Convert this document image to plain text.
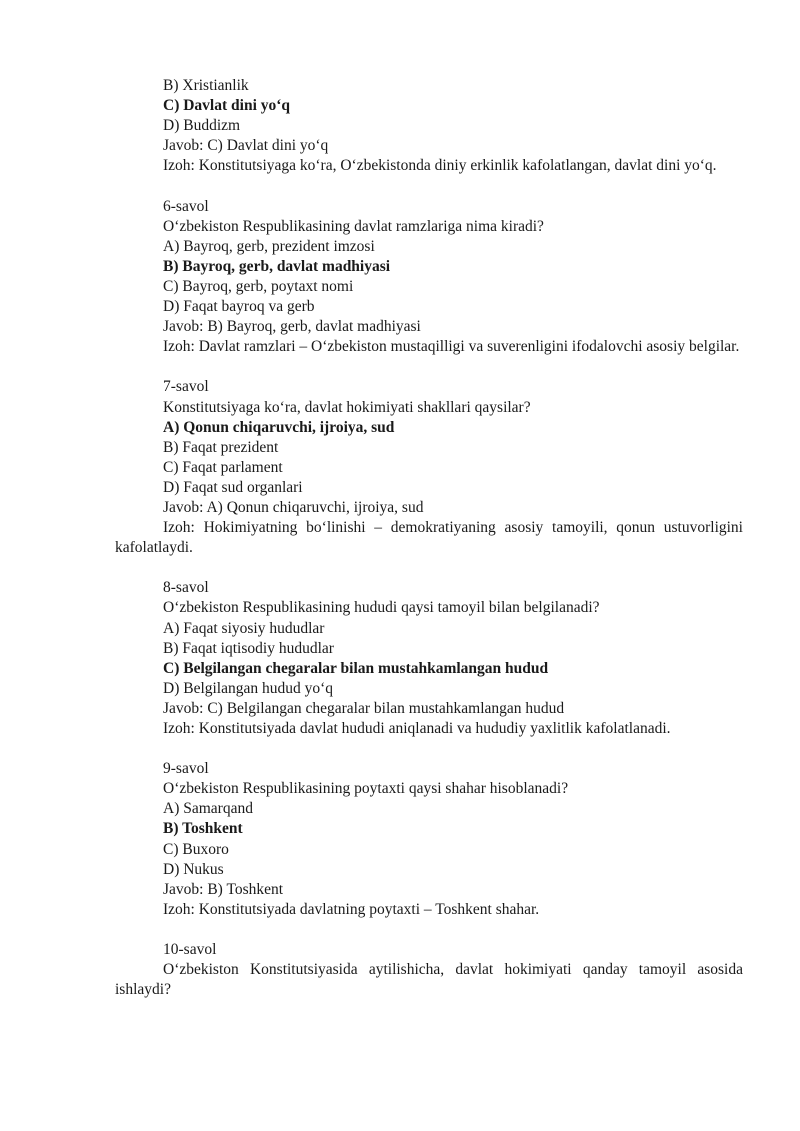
B) Xristianlik
C) Davlat dini yo‘q
D) Buddizm
Javob: C) Davlat dini yo‘q
Izoh: Konstitutsiyaga ko‘ra, O‘zbekistonda diniy erkinlik kafolatlangan, davlat dini yo‘q.
6-savol
O‘zbekiston Respublikasining davlat ramzlariga nima kiradi?
A) Bayroq, gerb, prezident imzosi
B) Bayroq, gerb, davlat madhiyasi
C) Bayroq, gerb, poytaxt nomi
D) Faqat bayroq va gerb
Javob: B) Bayroq, gerb, davlat madhiyasi
Izoh: Davlat ramzlari – O‘zbekiston mustaqilligi va suverenligini ifodalovchi asosiy belgilar.
7-savol
Konstitutsiyaga ko‘ra, davlat hokimiyati shakllari qaysilar?
A) Qonun chiqaruvchi, ijroiya, sud
B) Faqat prezident
C) Faqat parlament
D) Faqat sud organlari
Javob: A) Qonun chiqaruvchi, ijroiya, sud
Izoh: Hokimiyatning bo‘linishi – demokratiyaning asosiy tamoyili, qonun ustuvorligini kafolatlaydi.
8-savol
O‘zbekiston Respublikasining hududi qaysi tamoyil bilan belgilanadi?
A) Faqat siyosiy hududlar
B) Faqat iqtisodiy hududlar
C) Belgilangan chegaralar bilan mustahkamlangan hudud
D) Belgilangan hudud yo‘q
Javob: C) Belgilangan chegaralar bilan mustahkamlangan hudud
Izoh: Konstitutsiyada davlat hududi aniqlanadi va hududiy yaxlitlik kafolatlanadi.
9-savol
O‘zbekiston Respublikasining poytaxti qaysi shahar hisoblanadi?
A) Samarqand
B) Toshkent
C) Buxoro
D) Nukus
Javob: B) Toshkent
Izoh: Konstitutsiyada davlatning poytaxti – Toshkent shahar.
10-savol
O‘zbekiston Konstitutsiyasida aytilishicha, davlat hokimiyati qanday tamoyil asosida ishlaydi?
